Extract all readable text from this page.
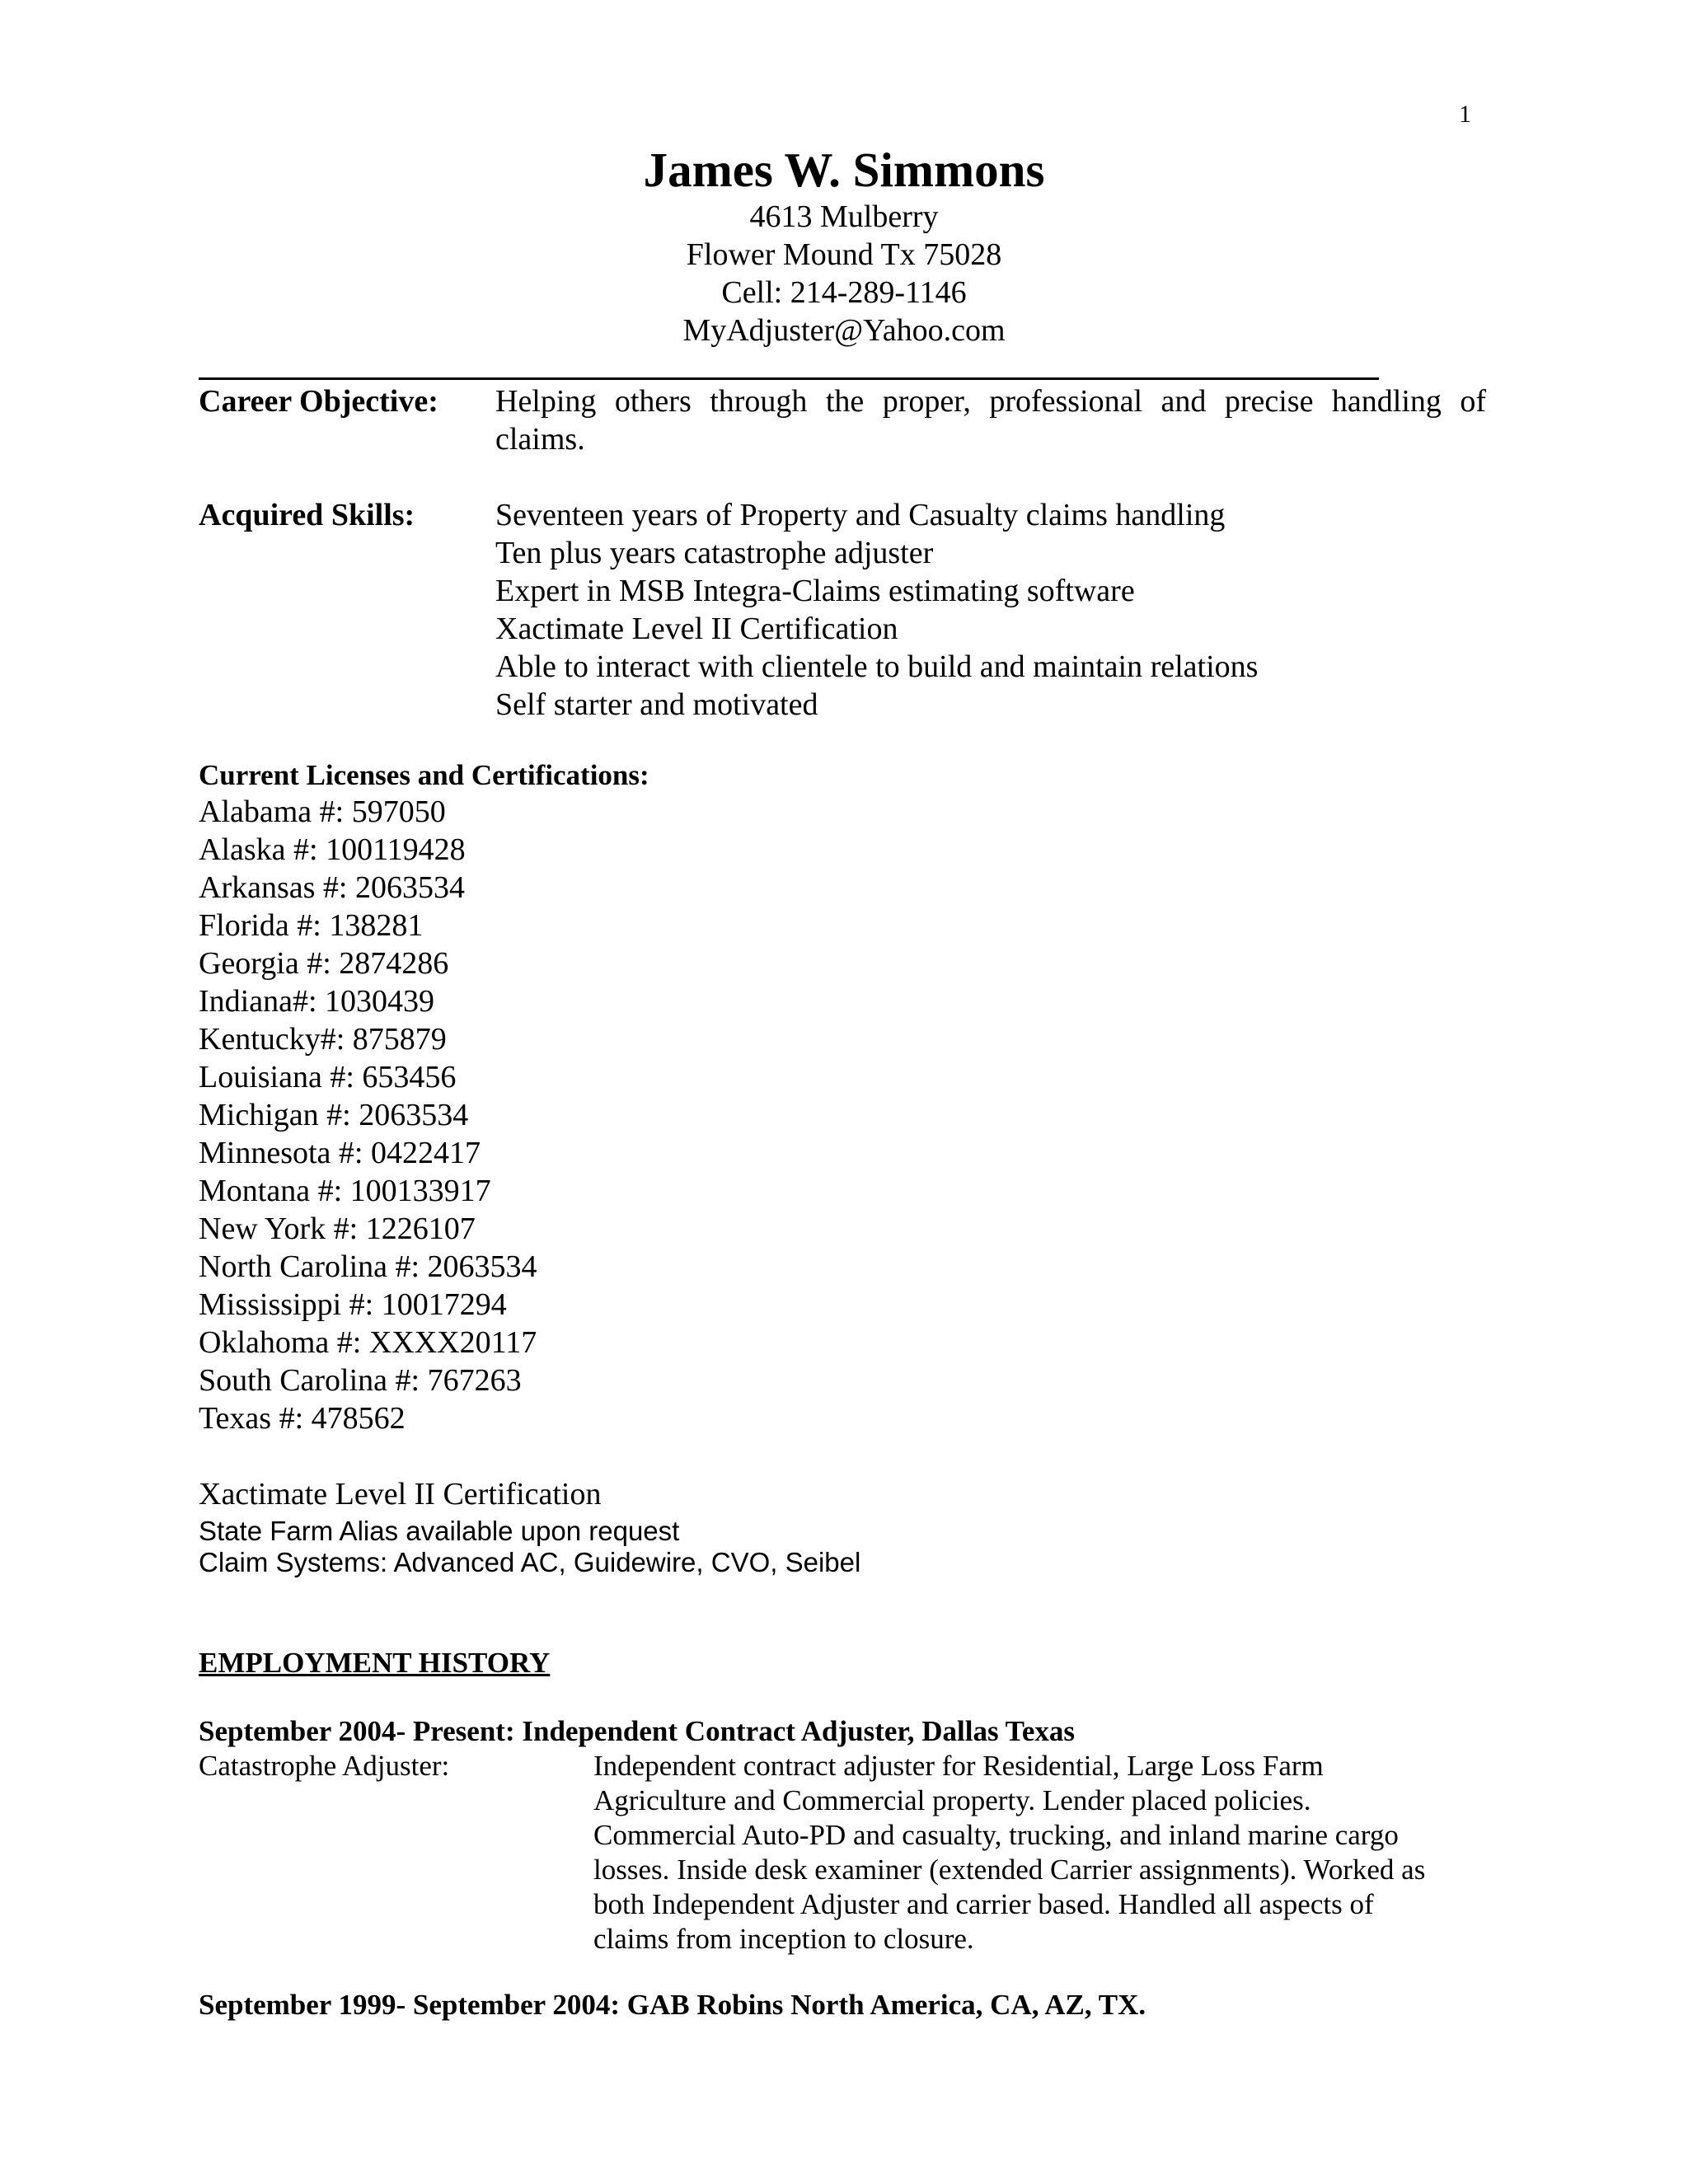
1
James W. Simmons
4613 Mulberry
Flower Mound Tx 75028
Cell: 214-289-1146
MyAdjuster@Yahoo.com
Career Objective: Helping others through the proper, professional and precise handling of claims.
Acquired Skills:	Seventeen years of Property and Casualty claims handling
Ten plus years catastrophe adjuster
Expert in MSB Integra-Claims estimating software
Xactimate Level II Certification
Able to interact with clientele to build and maintain relations
Self starter and motivated
Current Licenses and Certifications:
Alabama #: 597050
Alaska #: 100119428
Arkansas #: 2063534
Florida #: 138281
Georgia #: 2874286
Indiana#: 1030439
Kentucky#: 875879
Louisiana #: 653456
Michigan #: 2063534
Minnesota #: 0422417
Montana #: 100133917
New York #: 1226107
North Carolina #: 2063534
Mississippi #: 10017294
Oklahoma #: XXXX20117
South Carolina #: 767263
Texas #: 478562
Xactimate Level II Certification
State Farm Alias available upon request
Claim Systems: Advanced AC, Guidewire, CVO, Seibel
EMPLOYMENT HISTORY
September 2004- Present: Independent Contract Adjuster, Dallas Texas
Catastrophe Adjuster:	Independent contract adjuster for Residential, Large Loss Farm
Agriculture and Commercial property. Lender placed policies.
Commercial Auto-PD and casualty, trucking, and inland marine cargo
losses. Inside desk examiner (extended Carrier assignments). Worked as
both Independent Adjuster and carrier based. Handled all aspects of
claims from inception to closure.
September 1999- September 2004: GAB Robins North America, CA, AZ, TX.
